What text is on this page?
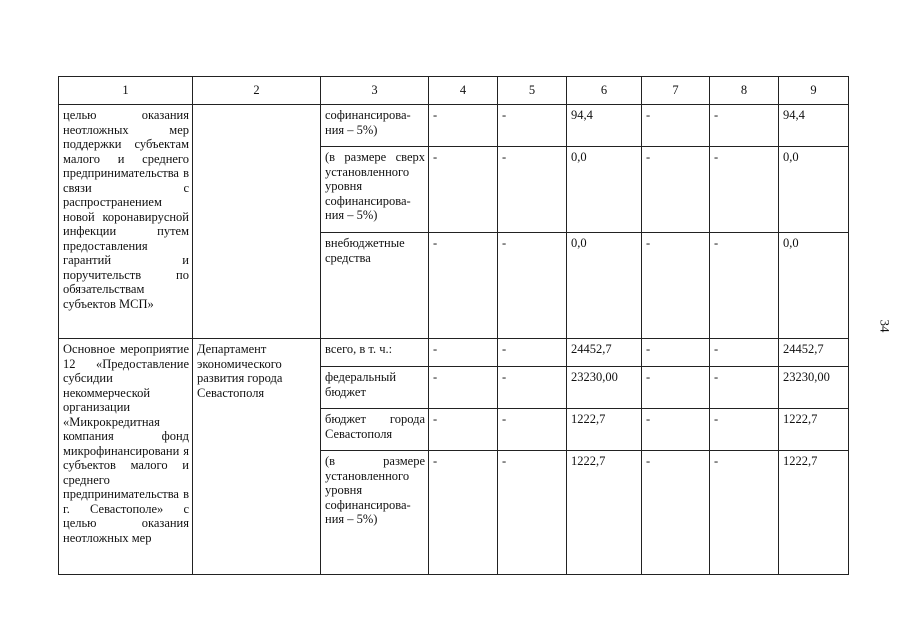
1	2	3	4	5	6	7	8	9
целью оказания неотложных мер поддержки субъектам малого и среднего предпринимательства в связи с распространением новой коронавирусной инфекции путем предоставления гарантий и поручительств по обязательствам субъектов МСП»		софинансирова-ния – 5%)	-	-	94,4	-	-	94,4
		(в размере сверх установленного уровня софинансирова-ния – 5%)	-	-	0,0	-	-	0,0
		внебюджетные средства	-	-	0,0	-	-	0,0
Основное мероприятие 12 «Предоставление субсидии некоммерческой организации «Микрокредитная компания фонд микрофинансировани я субъектов малого и среднего предпринимательства в г. Севастополе» с целью оказания неотложных мер	Департамент экономического развития города Севастополя	всего, в т. ч.:	-	-	24452,7	-	-	24452,7
		федеральный бюджет	-	-	23230,00	-	-	23230,00
		бюджет города Севастополя	-	-	1222,7	-	-	1222,7
		(в размере установленного уровня софинансирова-ния – 5%)	-	-	1222,7	-	-	1222,7
34
